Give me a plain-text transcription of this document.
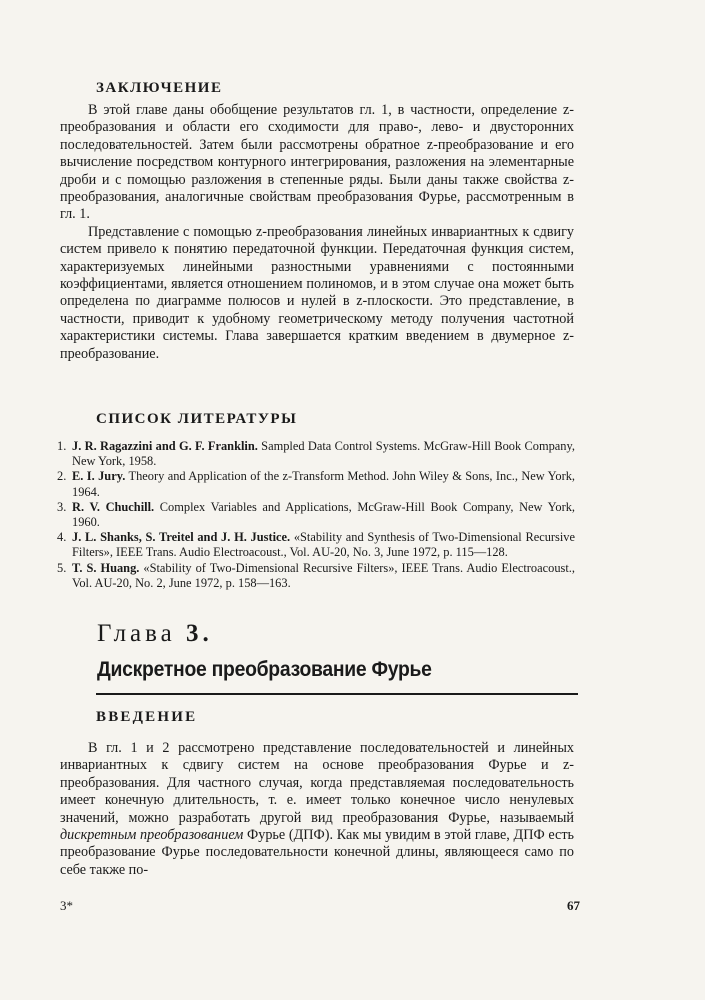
ЗАКЛЮЧЕНИЕ

В этой главе даны обобщение результатов гл. 1, в частности, определение z-преобразования и области его сходимости для право-, лево- и двусторонних последовательностей. Затем были рассмотрены обратное z-преобразование и его вычисление посредством контурного интегрирования, разложения на элементарные дроби и с помощью разложения в степенные ряды. Были даны также свойства z-преобразования, аналогичные свойствам преобразования Фурье, рассмотренным в гл. 1.

Представление с помощью z-преобразования линейных инвариантных к сдвигу систем привело к понятию передаточной функции. Передаточная функция систем, характеризуемых линейными разностными уравнениями с постоянными коэффициентами, является отношением полиномов, и в этом случае она может быть определена по диаграмме полюсов и нулей в z-плоскости. Это представление, в частности, приводит к удобному геометрическому методу получения частотной характеристики системы. Глава завершается кратким введением в двумерное z-преобразование.

СПИСОК ЛИТЕРАТУРЫ
1. J. R. Ragazzini and G. F. Franklin. Sampled Data Control Systems. McGraw-Hill Book Company, New York, 1958.
2. E. I. Jury. Theory and Application of the z-Transform Method. John Wiley & Sons, Inc., New York, 1964.
3. R. V. Chuchill. Complex Variables and Applications, McGraw-Hill Book Company, New York, 1960.
4. J. L. Shanks, S. Treitel and J. H. Justice. «Stability and Synthesis of Two-Dimensional Recursive Filters», IEEE Trans. Audio Electroacoust., Vol. AU-20, No. 3, June 1972, p. 115—128.
5. T. S. Huang. «Stability of Two-Dimensional Recursive Filters», IEEE Trans. Audio Electroacoust., Vol. AU-20, No. 2, June 1972, p. 158—163.
Глава 3.
Дискретное преобразование Фурье
ВВЕДЕНИЕ

В гл. 1 и 2 рассмотрено представление последовательностей и линейных инвариантных к сдвигу систем на основе преобразования Фурье и z-преобразования. Для частного случая, когда представляемая последовательность имеет конечную длительность, т. е. имеет только конечное число ненулевых значений, можно разработать другой вид преобразования Фурье, называемый дискретным преобразованием Фурье (ДПФ). Как мы увидим в этой главе, ДПФ есть преобразование Фурье последовательности конечной длины, являющееся само по себе также по-

3*	67
